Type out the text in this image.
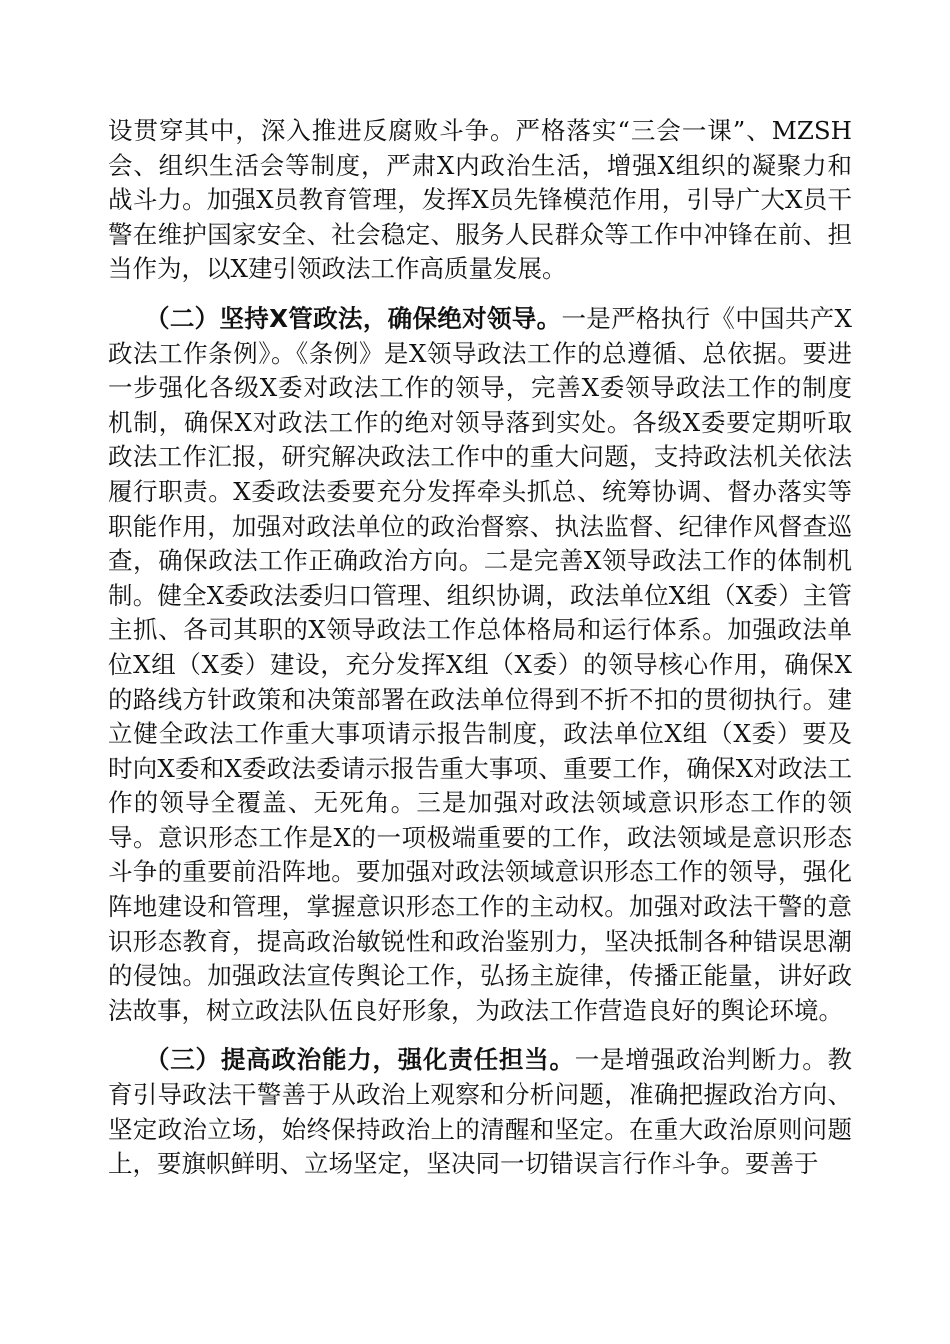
设贯穿其中，深入推进反腐败斗争。严格落实“三会一课”、MZSH会、组织生活会等制度，严肃X内政治生活，增强X组织的凝聚力和战斗力。加强X员教育管理，发挥X员先锋模范作用，引导广大X员干警在维护国家安全、社会稳定、服务人民群众等工作中冲锋在前、担当作为，以X建引领政法工作高质量发展。

（二）坚持X管政法，确保绝对领导。一是严格执行《中国共产X政法工作条例》。《条例》是X领导政法工作的总遵循、总依据。要进一步强化各级X委对政法工作的领导，完善X委领导政法工作的制度机制，确保X对政法工作的绝对领导落到实处。各级X委要定期听取政法工作汇报，研究解决政法工作中的重大问题，支持政法机关依法履行职责。X委政法委要充分发挥牵头抓总、统筹协调、督办落实等职能作用，加强对政法单位的政治督察、执法监督、纪律作风督查巡查，确保政法工作正确政治方向。二是完善X领导政法工作的体制机制。健全X委政法委归口管理、组织协调，政法单位X组（X委）主管主抓、各司其职的X领导政法工作总体格局和运行体系。加强政法单位X组（X委）建设，充分发挥X组（X委）的领导核心作用，确保X的路线方针政策和决策部署在政法单位得到不折不扣的贯彻执行。建立健全政法工作重大事项请示报告制度，政法单位X组（X委）要及时向X委和X委政法委请示报告重大事项、重要工作，确保X对政法工作的领导全覆盖、无死角。三是加强对政法领域意识形态工作的领导。意识形态工作是X的一项极端重要的工作，政法领域是意识形态斗争的重要前沿阵地。要加强对政法领域意识形态工作的领导，强化阵地建设和管理，掌握意识形态工作的主动权。加强对政法干警的意识形态教育，提高政治敏锐性和政治鉴别力，坚决抵制各种错误思潮的侵蚀。加强政法宣传舆论工作，弘扬主旋律，传播正能量，讲好政法故事，树立政法队伍良好形象，为政法工作营造良好的舆论环境。

（三）提高政治能力，强化责任担当。一是增强政治判断力。教育引导政法干警善于从政治上观察和分析问题，准确把握政治方向、坚定政治立场，始终保持政治上的清醒和坚定。在重大政治原则问题上，要旗帜鲜明、立场坚定，坚决同一切错误言行作斗争。要善于
